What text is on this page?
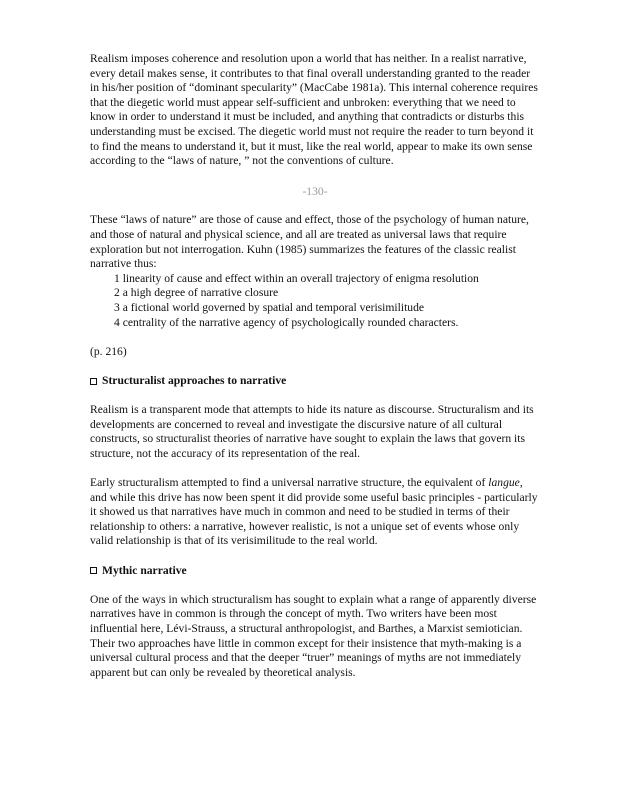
Realism imposes coherence and resolution upon a world that has neither. In a realist narrative, every detail makes sense, it contributes to that final overall understanding granted to the reader in his/her position of “dominant specularity” (MacCabe 1981a). This internal coherence requires that the diegetic world must appear self-sufficient and unbroken: everything that we need to know in order to understand it must be included, and anything that contradicts or disturbs this understanding must be excised. The diegetic world must not require the reader to turn beyond it to find the means to understand it, but it must, like the real world, appear to make its own sense according to the “laws of nature, ” not the conventions of culture.

-130-

These “laws of nature” are those of cause and effect, those of the psychology of human nature, and those of natural and physical science, and all are treated as universal laws that require exploration but not interrogation. Kuhn (1985) summarizes the features of the classic realist narrative thus:

1 linearity of cause and effect within an overall trajectory of enigma resolution
2 a high degree of narrative closure
3 a fictional world governed by spatial and temporal verisimilitude
4 centrality of the narrative agency of psychologically rounded characters.

(p. 216)

Structuralist approaches to narrative

Realism is a transparent mode that attempts to hide its nature as discourse. Structuralism and its developments are concerned to reveal and investigate the discursive nature of all cultural constructs, so structuralist theories of narrative have sought to explain the laws that govern its structure, not the accuracy of its representation of the real.

Early structuralism attempted to find a universal narrative structure, the equivalent of langue, and while this drive has now been spent it did provide some useful basic principles - particularly it showed us that narratives have much in common and need to be studied in terms of their relationship to others: a narrative, however realistic, is not a unique set of events whose only valid relationship is that of its verisimilitude to the real world.

Mythic narrative

One of the ways in which structuralism has sought to explain what a range of apparently diverse narratives have in common is through the concept of myth. Two writers have been most influential here, Lévi-Strauss, a structural anthropologist, and Barthes, a Marxist semiotician. Their two approaches have little in common except for their insistence that myth-making is a universal cultural process and that the deeper “truer” meanings of myths are not immediately apparent but can only be revealed by theoretical analysis.
